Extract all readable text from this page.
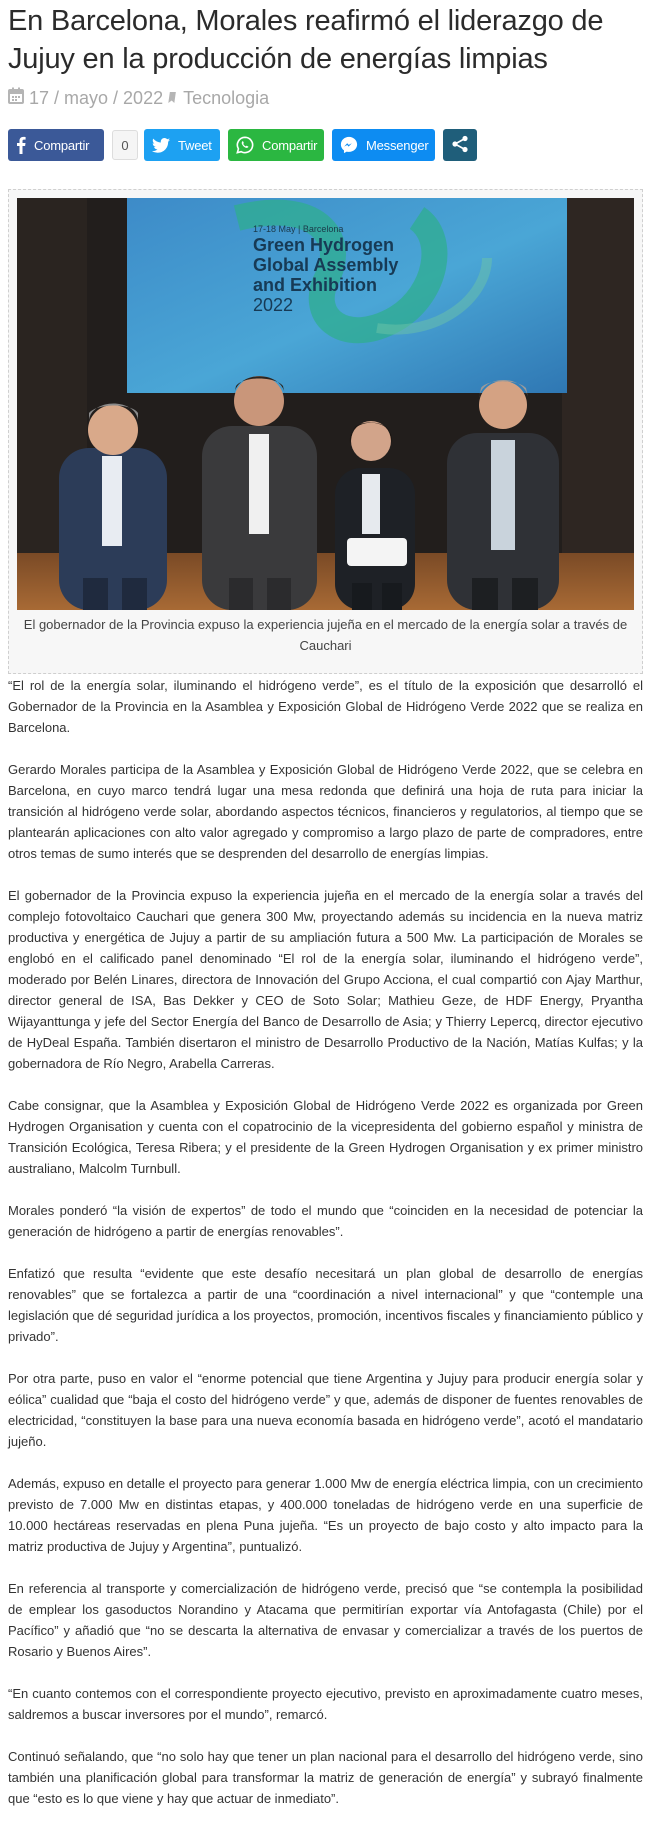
En Barcelona, Morales reafirmó el liderazgo de Jujuy en la producción de energías limpias
17 / mayo / 2022 Tecnologia
Compartir	0	Tweet	Compartir	Messenger
17-18 May | Barcelona
Green Hydrogen
Global Assembly
and Exhibition
2022
El gobernador de la Provincia expuso la experiencia jujeña en el mercado de la energía solar a través de Cauchari

“El rol de la energía solar, iluminando el hidrógeno verde”, es el título de la exposición que desarrolló el Gobernador de la Provincia en la Asamblea y Exposición Global de Hidrógeno Verde 2022 que se realiza en Barcelona.

Gerardo Morales participa de la Asamblea y Exposición Global de Hidrógeno Verde 2022, que se celebra en Barcelona, en cuyo marco tendrá lugar una mesa redonda que definirá una hoja de ruta para iniciar la transición al hidrógeno verde solar, abordando aspectos técnicos, financieros y regulatorios, al tiempo que se plantearán aplicaciones con alto valor agregado y compromiso a largo plazo de parte de compradores, entre otros temas de sumo interés que se desprenden del desarrollo de energías limpias.

El gobernador de la Provincia expuso la experiencia jujeña en el mercado de la energía solar a través del complejo fotovoltaico Cauchari que genera 300 Mw, proyectando además su incidencia en la nueva matriz productiva y energética de Jujuy a partir de su ampliación futura a 500 Mw. La participación de Morales se englobó en el calificado panel denominado “El rol de la energía solar, iluminando el hidrógeno verde”, moderado por Belén Linares, directora de Innovación del Grupo Acciona, el cual compartió con Ajay Marthur, director general de ISA, Bas Dekker y CEO de Soto Solar; Mathieu Geze, de HDF Energy, Pryantha Wijayanttunga y jefe del Sector Energía del Banco de Desarrollo de Asia; y Thierry Lepercq, director ejecutivo de HyDeal España. También disertaron el ministro de Desarrollo Productivo de la Nación, Matías Kulfas; y la gobernadora de Río Negro, Arabella Carreras.

Cabe consignar, que la Asamblea y Exposición Global de Hidrógeno Verde 2022 es organizada por Green Hydrogen Organisation y cuenta con el copatrocinio de la vicepresidenta del gobierno español y ministra de Transición Ecológica, Teresa Ribera; y el presidente de la Green Hydrogen Organisation y ex primer ministro australiano, Malcolm Turnbull.

Morales ponderó “la visión de expertos” de todo el mundo que “coinciden en la necesidad de potenciar la generación de hidrógeno a partir de energías renovables”.

Enfatizó que resulta “evidente que este desafío necesitará un plan global de desarrollo de energías renovables” que se fortalezca a partir de una “coordinación a nivel internacional” y que “contemple una legislación que dé seguridad jurídica a los proyectos, promoción, incentivos fiscales y financiamiento público y privado”.

Por otra parte, puso en valor el “enorme potencial que tiene Argentina y Jujuy para producir energía solar y eólica” cualidad que “baja el costo del hidrógeno verde” y que, además de disponer de fuentes renovables de electricidad, “constituyen la base para una nueva economía basada en hidrógeno verde”, acotó el mandatario jujeño.

Además, expuso en detalle el proyecto para generar 1.000 Mw de energía eléctrica limpia, con un crecimiento previsto de 7.000 Mw en distintas etapas, y 400.000 toneladas de hidrógeno verde en una superficie de 10.000 hectáreas reservadas en plena Puna jujeña. “Es un proyecto de bajo costo y alto impacto para la matriz productiva de Jujuy y Argentina”, puntualizó.

En referencia al transporte y comercialización de hidrógeno verde, precisó que “se contempla la posibilidad de emplear los gasoductos Norandino y Atacama que permitirían exportar vía Antofagasta (Chile) por el Pacífico” y añadió que “no se descarta la alternativa de envasar y comercializar a través de los puertos de Rosario y Buenos Aires”.

“En cuanto contemos con el correspondiente proyecto ejecutivo, previsto en aproximadamente cuatro meses, saldremos a buscar inversores por el mundo”, remarcó.

Continuó señalando, que “no solo hay que tener un plan nacional para el desarrollo del hidrógeno verde, sino también una planificación global para transformar la matriz de generación de energía” y subrayó finalmente que “esto es lo que viene y hay que actuar de inmediato”.
